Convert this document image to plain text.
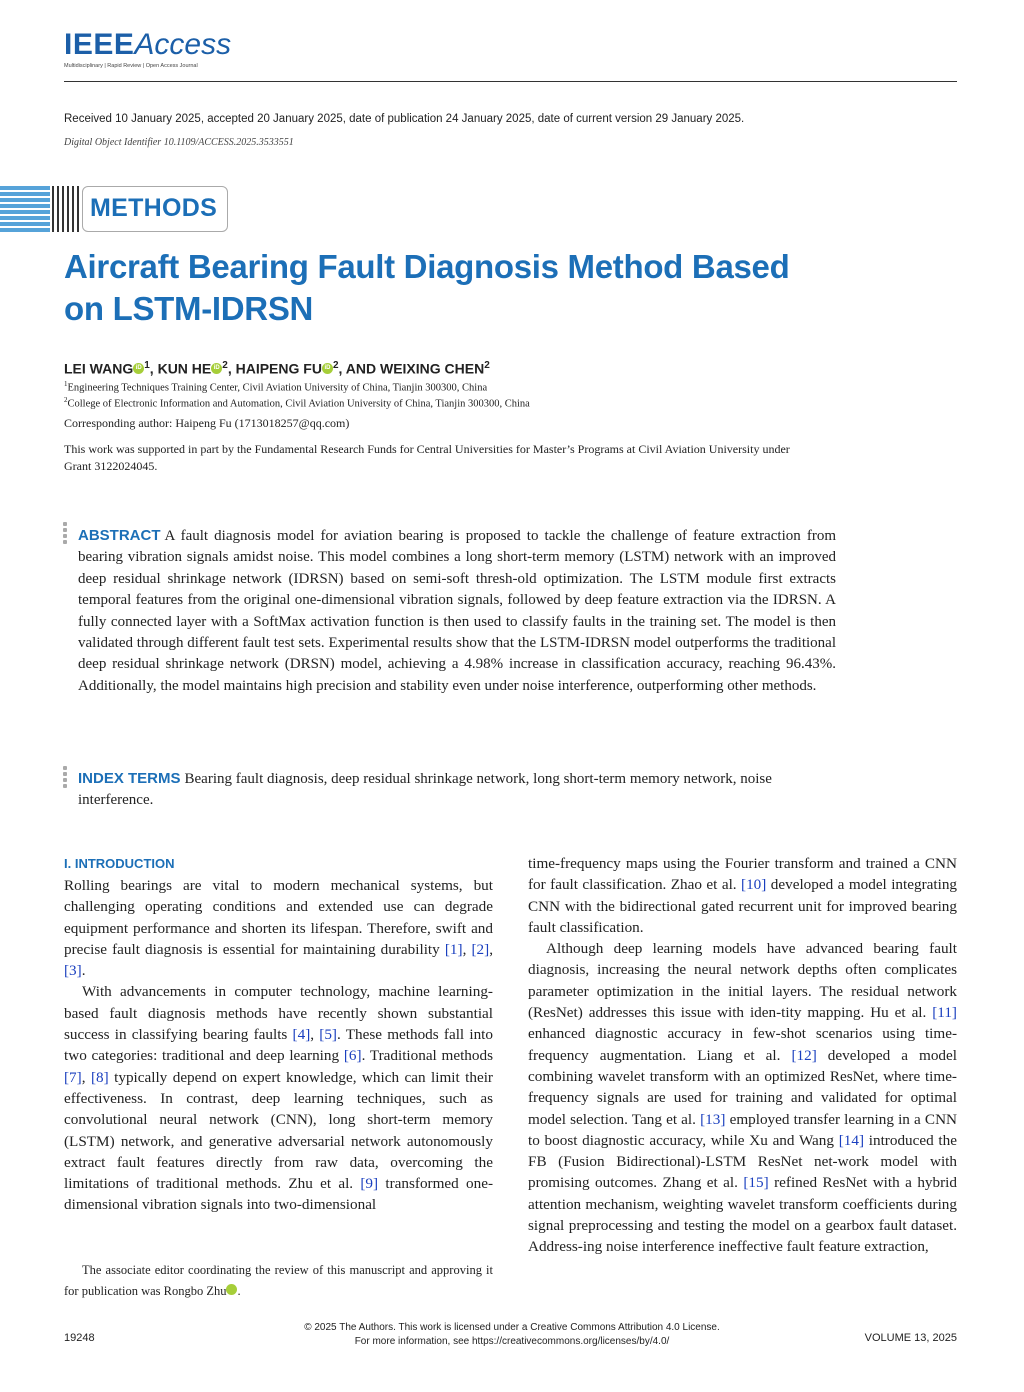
IEEEAccess
Multidisciplinary | Rapid Review | Open Access Journal
Received 10 January 2025, accepted 20 January 2025, date of publication 24 January 2025, date of current version 29 January 2025.
Digital Object Identifier 10.1109/ACCESS.2025.3533551
METHODS
Aircraft Bearing Fault Diagnosis Method Based on LSTM-IDRSN
LEI WANG iD $^1$, KUN HE iD $^2$, HAIPENG FU iD $^2$, AND WEIXING CHEN$^2$
$^1$Engineering Techniques Training Center, Civil Aviation University of China, Tianjin 300300, China
$^2$College of Electronic Information and Automation, Civil Aviation University of China, Tianjin 300300, China
Corresponding author: Haipeng Fu (1713018257@qq.com)
This work was supported in part by the Fundamental Research Funds for Central Universities for Master’s Programs at Civil Aviation University under Grant 3122024045.

ABSTRACT A fault diagnosis model for aviation bearing is proposed to tackle the challenge of feature extraction from bearing vibration signals amidst noise. This model combines a long short-term memory (LSTM) network with an improved deep residual shrinkage network (IDRSN) based on semi-soft thresh-old optimization. The LSTM module first extracts temporal features from the original one-dimensional vibration signals, followed by deep feature extraction via the IDRSN. A fully connected layer with a SoftMax activation function is then used to classify faults in the training set. The model is then validated through different fault test sets. Experimental results show that the LSTM-IDRSN model outperforms the traditional deep residual shrinkage network (DRSN) model, achieving a 4.98% increase in classification accuracy, reaching 96.43%. Additionally, the model maintains high precision and stability even under noise interference, outperforming other methods.

INDEX TERMS Bearing fault diagnosis, deep residual shrinkage network, long short-term memory network, noise interference.

I. INTRODUCTION

Rolling bearings are vital to modern mechanical systems, but challenging operating conditions and extended use can degrade equipment performance and shorten its lifespan. Therefore, swift and precise fault diagnosis is essential for maintaining durability [1], [2], [3].

With advancements in computer technology, machine learning-based fault diagnosis methods have recently shown substantial success in classifying bearing faults [4], [5]. These methods fall into two categories: traditional and deep learning [6]. Traditional methods [7], [8] typically depend on expert knowledge, which can limit their effectiveness. In contrast, deep learning techniques, such as convolutional neural network (CNN), long short-term memory (LSTM) network, and generative adversarial network autonomously extract fault features directly from raw data, overcoming the limitations of traditional methods. Zhu et al. [9] transformed one-dimensional vibration signals into two-dimensional

time-frequency maps using the Fourier transform and trained a CNN for fault classification. Zhao et al. [10] developed a model integrating CNN with the bidirectional gated recurrent unit for improved bearing fault classification.

Although deep learning models have advanced bearing fault diagnosis, increasing the neural network depths often complicates parameter optimization in the initial layers. The residual network (ResNet) addresses this issue with iden-tity mapping. Hu et al. [11] enhanced diagnostic accuracy in few-shot scenarios using time-frequency augmentation. Liang et al. [12] developed a model combining wavelet transform with an optimized ResNet, where time-frequency signals are used for training and validated for optimal model selection. Tang et al. [13] employed transfer learning in a CNN to boost diagnostic accuracy, while Xu and Wang [14] introduced the FB (Fusion Bidirectional)-LSTM ResNet net-work model with promising outcomes. Zhang et al. [15] refined ResNet with a hybrid attention mechanism, weighting wavelet transform coefficients during signal preprocessing and testing the model on a gearbox fault dataset. Address-ing noise interference ineffective fault feature extraction,

The associate editor coordinating the review of this manuscript and approving it for publication was Rongbo Zhu	iD.

© 2025 The Authors. This work is licensed under a Creative Commons Attribution 4.0 License.
For more information, see https://creativecommons.org/licenses/by/4.0/
19248	VOLUME 13, 2025
